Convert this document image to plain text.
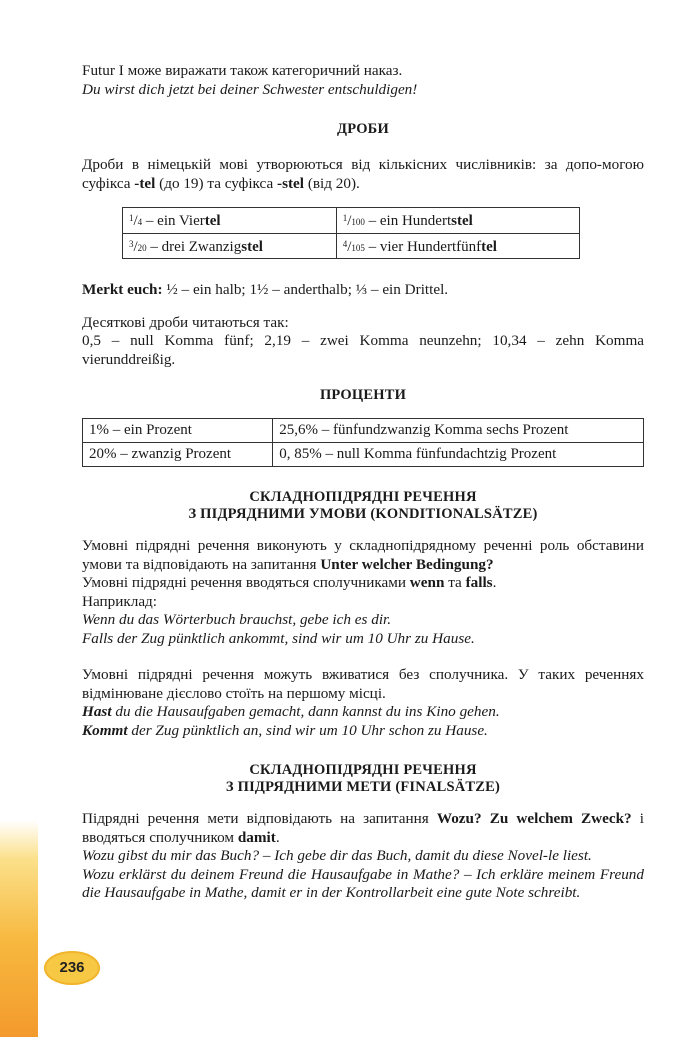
236

Futur I може виражати також категоричний наказ.

Du wirst dich jetzt bei deiner Schwester entschuldigen!

ДРОБИ

Дроби в німецькій мові утворюються від кількісних числівників: за допо-могою суфікса -tel (до 19) та суфікса -stel (від 20).

$^1$/4 – ein Viertel	$^1$/100 – ein Hundertstel
$^3$/20 – drei Zwanzigstel	$^4$/105 – vier Hundertfünftel

Merkt euch: ½ – ein halb; 1½ – anderthalb; ⅓ – ein Drittel.

Десяткові дроби читаються так:

0,5 – null Komma fünf; 2,19 – zwei Komma neunzehn; 10,34 – zehn Komma vierunddreißig.

ПРОЦЕНТИ
1% – ein Prozent	25,6% – fünfundzwanzig Komma sechs Prozent
20% – zwanzig Prozent	0, 85% – null Komma fünfundachtzig Prozent
СКЛАДНОПІДРЯДНІ РЕЧЕННЯ
З ПІДРЯДНИМИ УМОВИ (KONDITIONALSÄTZE)

Умовні підрядні речення виконують у складнопідрядному реченні роль обставини умови та відповідають на запитання Unter welcher Bedingung?

Умовні підрядні речення вводяться сполучниками wenn та falls.

Наприклад:

Wenn du das Wörterbuch brauchst, gebe ich es dir.

Falls der Zug pünktlich ankommt, sind wir um 10 Uhr zu Hause.

Умовні підрядні речення можуть вживатися без сполучника. У таких реченнях відмінюване дієслово стоїть на першому місці.

Hast du die Hausaufgaben gemacht, dann kannst du ins Kino gehen.

Kommt der Zug pünktlich an, sind wir um 10 Uhr schon zu Hause.

СКЛАДНОПІДРЯДНІ РЕЧЕННЯ
З ПІДРЯДНИМИ МЕТИ (FINALSÄTZE)

Підрядні речення мети відповідають на запитання Wozu? Zu welchem Zweck? і вводяться сполучником damit.

Wozu gibst du mir das Buch? – Ich gebe dir das Buch, damit du diese Novel-le liest.

Wozu erklärst du deinem Freund die Hausaufgabe in Mathe? – Ich erkläre meinem Freund die Hausaufgabe in Mathe, damit er in der Kontrollarbeit eine gute Note schreibt.
